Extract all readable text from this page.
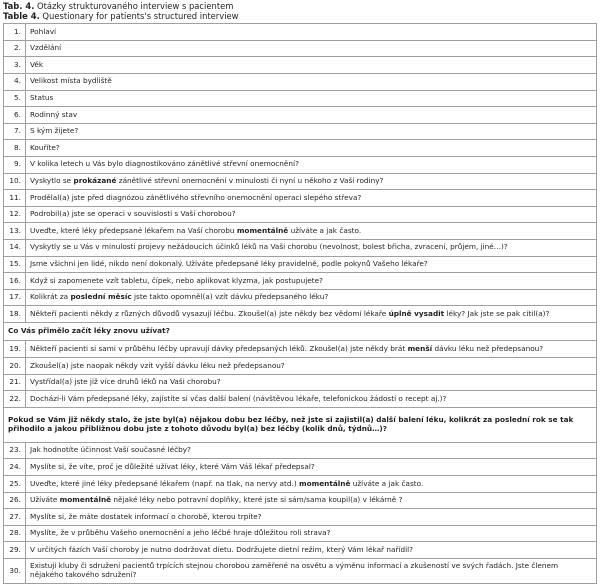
Tab. 4. Otázky strukturovaného interview s pacientem
Table 4. Questionary for patients's structured interview
1.	Pohlaví
2.	Vzdělání
3.	Věk
4.	Velikost místa bydliště
5.	Status
6.	Rodinný stav
7.	S kým žijete?
8.	Kouříte?
9.	V kolika letech u Vás bylo diagnostikováno zánětlivé střevní onemocnění?
10.	Vyskytlo se prokázané zánětlivé střevní onemocnění v minulosti či nyní u někoho z Vaší rodiny?
11.	Prodělal(a) jste před diagnózou zánětlivého střevního onemocnění operaci slepého střeva?
12.	Podrobil(a) jste se operaci v souvislosti s Vaší chorobou?
13.	Uveďte, které léky předepsané lékařem na Vaší chorobu momentálně užíváte a jak často.
14.	Vyskytly se u Vás v minulosti projevy nežádoucích účinků léků na Vaši chorobu (nevolnost, bolest břicha, zvracení, průjem, jiné…)?
15.	Jsme všichni jen lidé, nikdo není dokonalý. Užíváte předepsané léky pravidelně, podle pokynů Vašeho lékaře?
16.	Když si zapomenete vzít tabletu, čípek, nebo aplikovat klyzma, jak postupujete?
17.	Kolikrát za poslední měsíc jste takto opomněl(a) vzít dávku předepsaného léku?
18.	Někteří pacienti někdy z různých důvodů vysazují léčbu. Zkoušel(a) jste někdy bez vědomí lékaře úplně vysadit léky? Jak jste se pak cítil(a)?
Co Vás přimělo začít léky znovu užívat?	
19.	Někteří pacienti si sami v průběhu léčby upravují dávky předepsaných léků. Zkoušel(a) jste někdy brát menší dávku léku než předepsanou?
20.	Zkoušel(a) jste naopak někdy vzít vyšší dávku léku než předepsanou?
21.	Vystřídal(a) jste již více druhů léků na Vaši chorobu?
22.	Dochází-li Vám předepsané léky, zajistíte si včas další balení (návštěvou lékaře, telefonickou žádostí o recept aj.)?
Pokud se Vám již někdy stalo, že jste byl(a) nějakou dobu bez léčby, než jste si zajistil(a) další balení léku, kolikrát za poslední rok se tak přihodilo a jakou přibližnou dobu jste z tohoto důvodu byl(a) bez léčby (kolik dnů, týdnů…)?	
23.	Jak hodnotíte účinnost Vaší současné léčby?
24.	Myslíte si, že víte, proč je důležité užívat léky, které Vám Váš lékař předepsal?
25.	Uveďte, které jiné léky předepsané lékařem (např. na tlak, na nervy atd.) momentálně užíváte a jak často.
26.	Užíváte momentálně nějaké léky nebo potravní doplňky, které jste si sám/sama koupil(a) v lékárně ?
27.	Myslíte si, že máte dostatek informací o chorobě, kterou trpíte?
28.	Myslíte, že v průběhu Vašeho onemocnění a jeho léčbě hraje důležitou roli strava?
29.	V určitých fázích Vaší choroby je nutno dodržovat dietu. Dodržujete dietní režim, který Vám lékař nařídil?
30.	Existují kluby či sdružení pacientů trpících stejnou chorobou zaměřené na osvětu a výměnu informací a zkušeností ve svých řadách. Jste členem nějakého takového sdružení?
